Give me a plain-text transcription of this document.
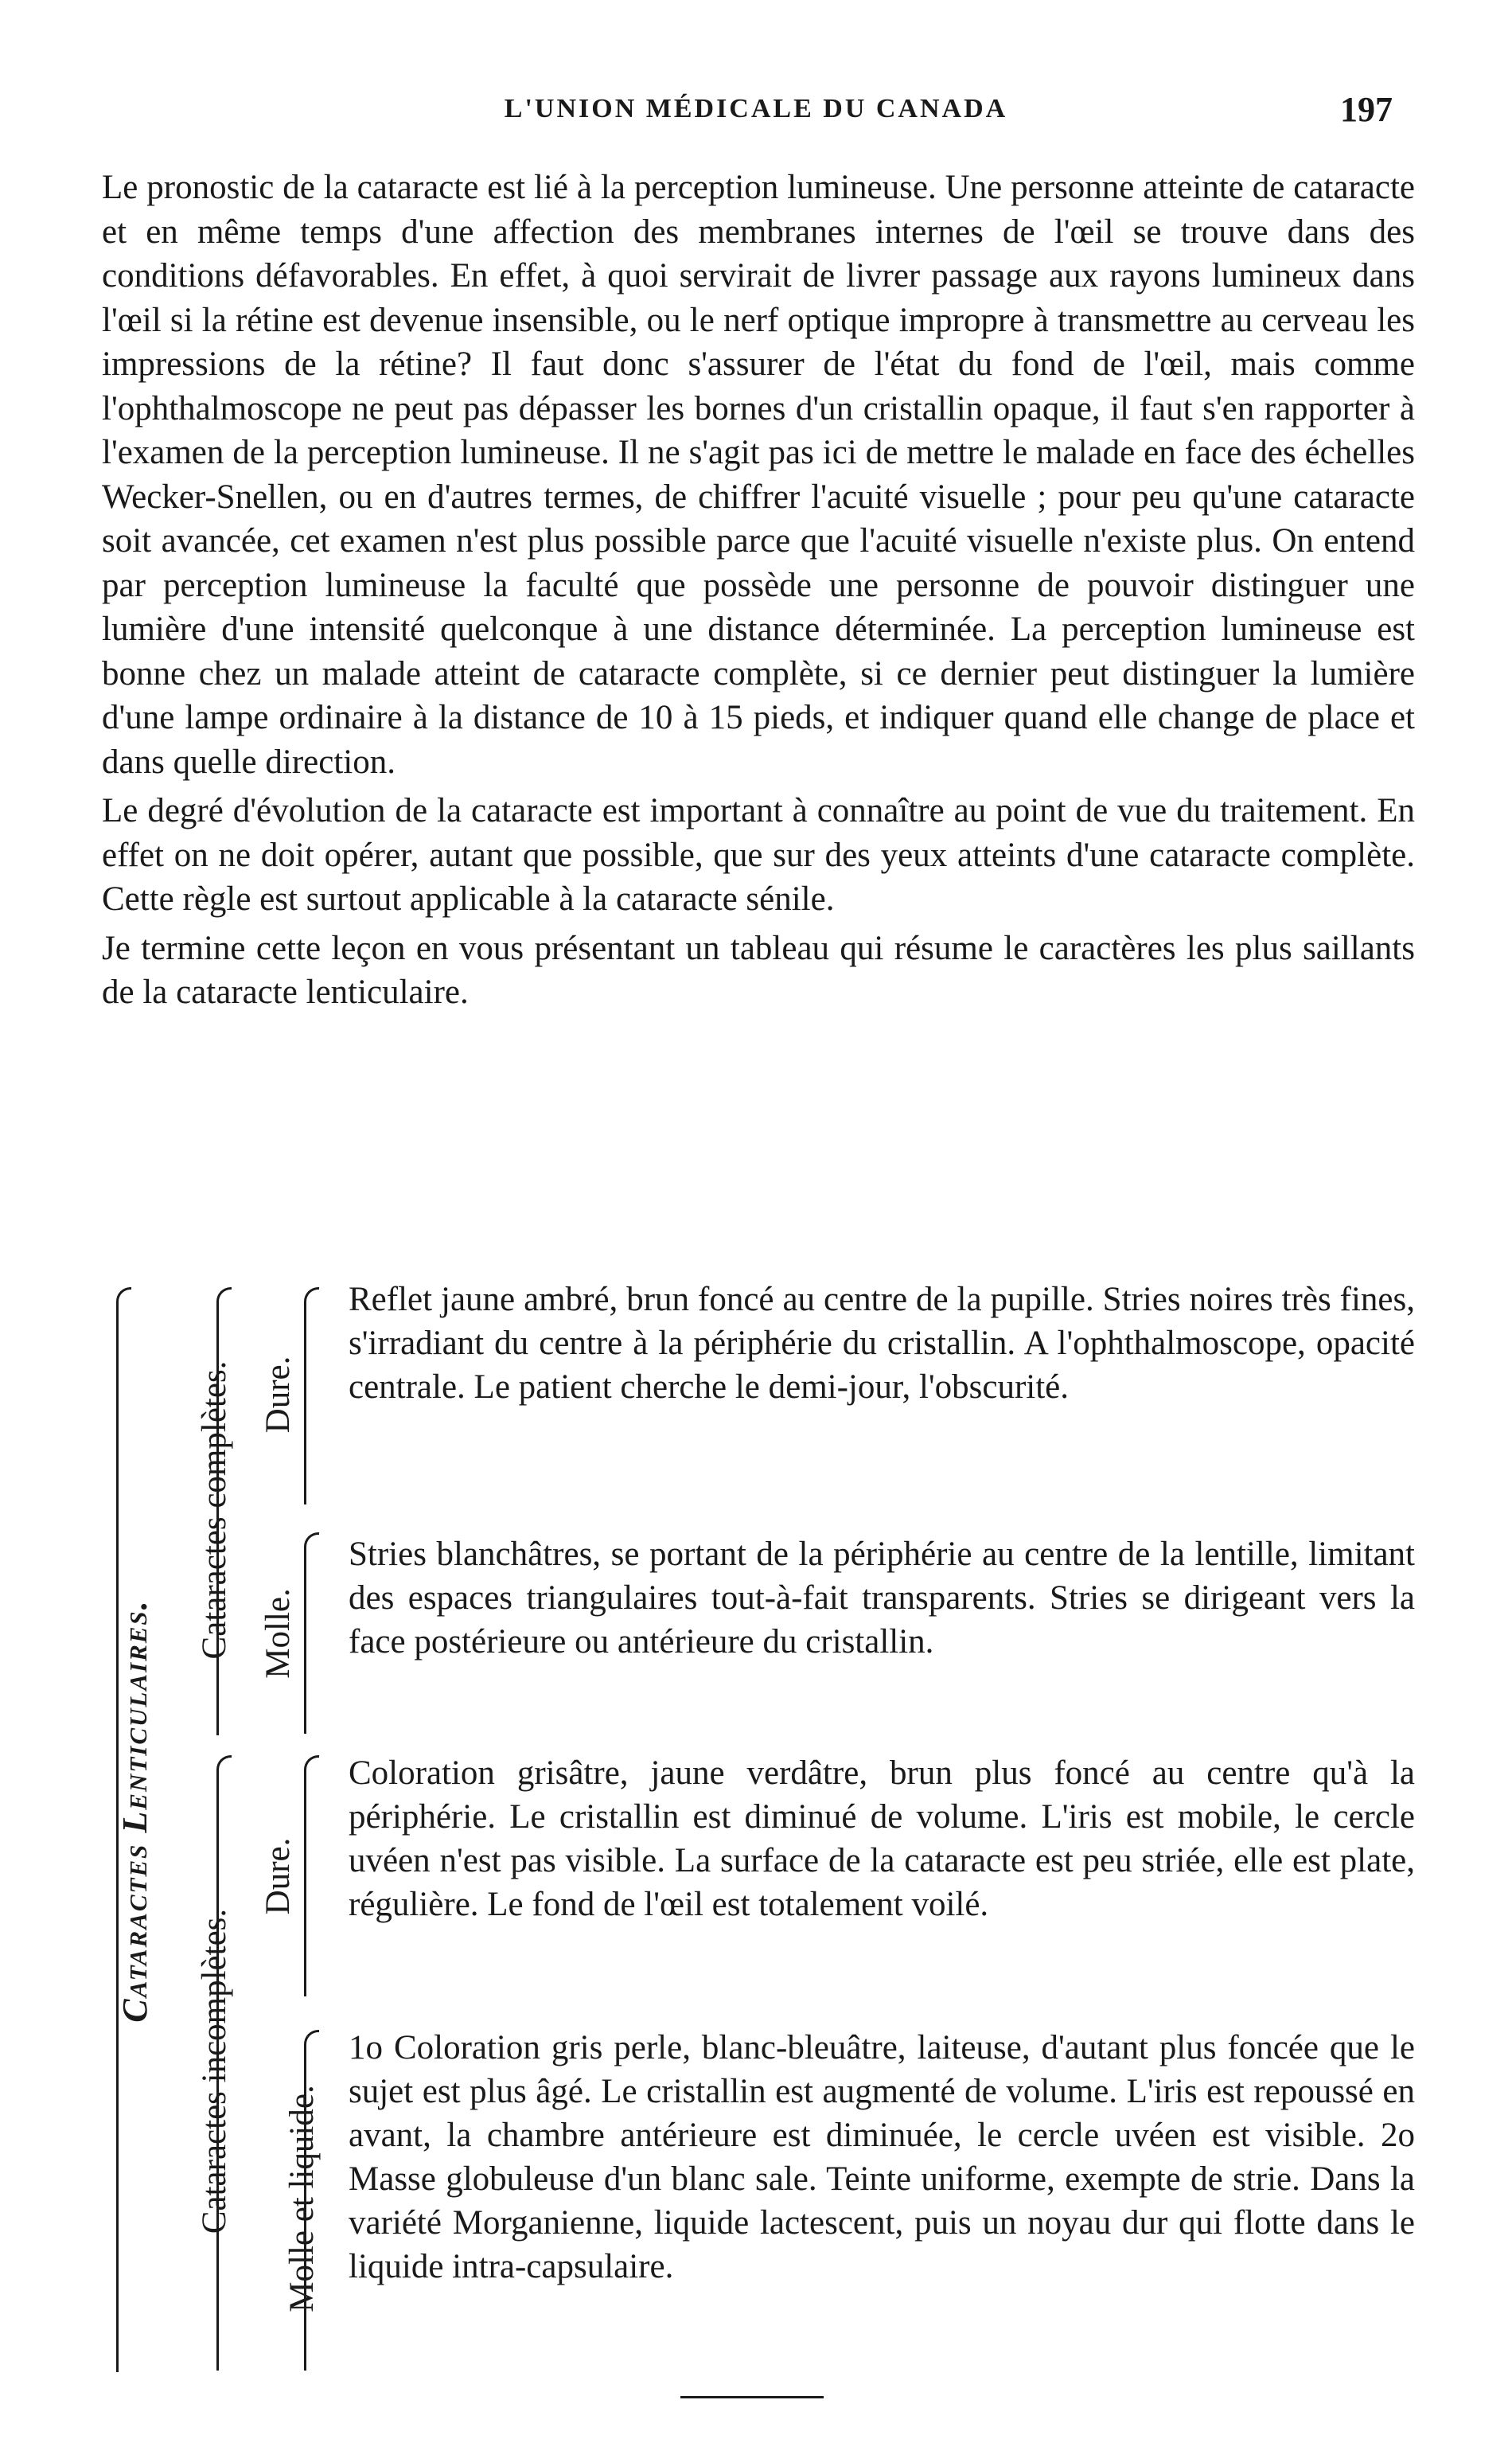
L'UNION MÉDICALE DU CANADA	197

Le pronostic de la cataracte est lié à la perception lumineuse. Une personne atteinte de cataracte et en même temps d'une affection des membranes internes de l'œil se trouve dans des conditions défavorables. En effet, à quoi servirait de livrer passage aux rayons lumineux dans l'œil si la rétine est devenue insensible, ou le nerf optique impropre à transmettre au cerveau les impressions de la rétine? Il faut donc s'assurer de l'état du fond de l'œil, mais comme l'ophthalmoscope ne peut pas dépasser les bornes d'un cristallin opaque, il faut s'en rapporter à l'examen de la perception lumineuse. Il ne s'agit pas ici de mettre le malade en face des échelles Wecker-Snellen, ou en d'autres termes, de chiffrer l'acuité visuelle ; pour peu qu'une cataracte soit avancée, cet examen n'est plus possible parce que l'acuité visuelle n'existe plus. On entend par perception lumineuse la faculté que possède une personne de pouvoir distinguer une lumière d'une intensité quelconque à une distance déterminée. La perception lumineuse est bonne chez un malade atteint de cataracte complète, si ce dernier peut distinguer la lumière d'une lampe ordinaire à la distance de 10 à 15 pieds, et indiquer quand elle change de place et dans quelle direction.

Le degré d'évolution de la cataracte est important à connaître au point de vue du traitement. En effet on ne doit opérer, autant que possible, que sur des yeux atteints d'une cataracte complète. Cette règle est surtout applicable à la cataracte sénile.

Je termine cette leçon en vous présentant un tableau qui résume le caractères les plus saillants de la cataracte lenticulaire.

Cataractes Lenticulaires.
Cataractes complètes. Dure.
Reflet jaune ambré, brun foncé au centre de la pupille. Stries noires très fines, s'irradiant du centre à la périphérie du cristallin. A l'ophthalmoscope, opacité centrale. Le patient cherche le demi-jour, l'obscurité.
Molle.
Stries blanchâtres, se portant de la périphérie au centre de la lentille, limitant des espaces triangulaires tout-à-fait transparents. Stries se dirigeant vers la face postérieure ou antérieure du cristallin.
Cataractes incomplètes.
Dure.
Coloration grisâtre, jaune verdâtre, brun plus foncé au centre qu'à la périphérie. Le cristallin est diminué de volume. L'iris est mobile, le cercle uvéen n'est pas visible. La surface de la cataracte est peu striée, elle est plate, régulière. Le fond de l'œil est totalement voilé.
Molle et liquide.
1o Coloration gris perle, blanc-bleuâtre, laiteuse, d'autant plus foncée que le sujet est plus âgé. Le cristallin est augmenté de volume. L'iris est repoussé en avant, la chambre antérieure est diminuée, le cercle uvéen est visible. 2o Masse globuleuse d'un blanc sale. Teinte uniforme, exempte de strie. Dans la variété Morganienne, liquide lactescent, puis un noyau dur qui flotte dans le liquide intra-capsulaire.
